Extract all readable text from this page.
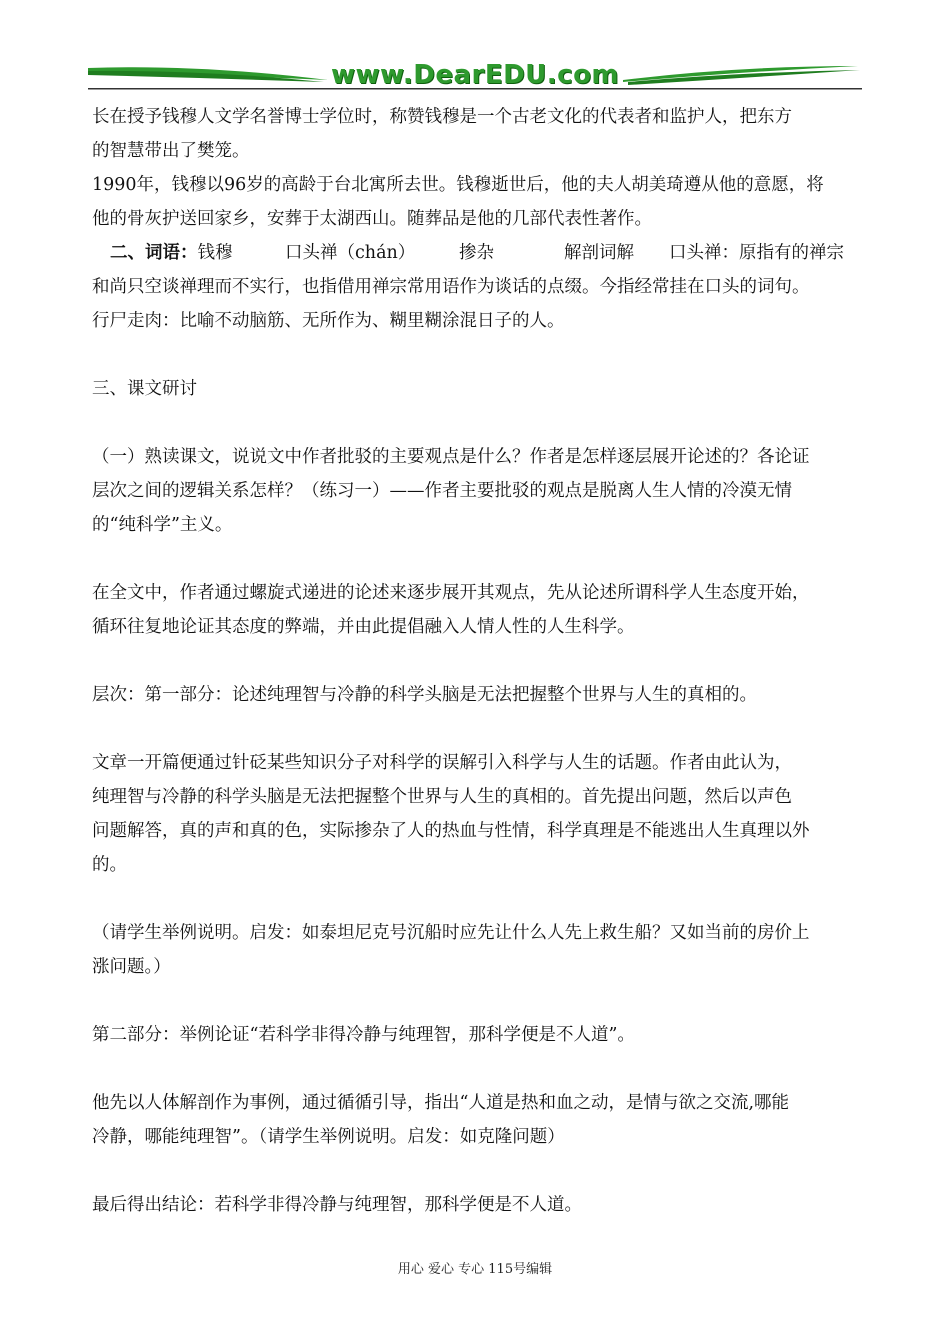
www.DearEDU.com
长在授予钱穆人文学名誉博士学位时，称赞钱穆是一个古老文化的代表者和监护人，把东方
的智慧带出了樊笼。
1990年，钱穆以96岁的高龄于台北寓所去世。钱穆逝世后，他的夫人胡美琦遵从他的意愿，将
他的骨灰护送回家乡，安葬于太湖西山。随葬品是他的几部代表性著作。
二、词语：钱穆　　　口头禅（chán）　　　掺杂　　　　解剖词解　　口头禅：原指有的禅宗
和尚只空谈禅理而不实行，也指借用禅宗常用语作为谈话的点缀。今指经常挂在口头的词句。
行尸走肉：比喻不动脑筋、无所作为、糊里糊涂混日子的人。
三、课文研讨
（一）熟读课文，说说文中作者批驳的主要观点是什么？作者是怎样逐层展开论述的？各论证
层次之间的逻辑关系怎样？（练习一）——作者主要批驳的观点是脱离人生人情的冷漠无情
的“纯科学”主义。
在全文中，作者通过螺旋式递进的论述来逐步展开其观点，先从论述所谓科学人生态度开始，
循环往复地论证其态度的弊端，并由此提倡融入人情人性的人生科学。
层次：第一部分：论述纯理智与冷静的科学头脑是无法把握整个世界与人生的真相的。
文章一开篇便通过针砭某些知识分子对科学的误解引入科学与人生的话题。作者由此认为，
纯理智与冷静的科学头脑是无法把握整个世界与人生的真相的。首先提出问题，然后以声色
问题解答，真的声和真的色，实际掺杂了人的热血与性情，科学真理是不能逃出人生真理以外
的。
（请学生举例说明。启发：如泰坦尼克号沉船时应先让什么人先上救生船？又如当前的房价上
涨问题。）
第二部分：举例论证“若科学非得冷静与纯理智，那科学便是不人道”。
他先以人体解剖作为事例，通过循循引导，指出“人道是热和血之动，是情与欲之交流,哪能
冷静，哪能纯理智”。（请学生举例说明。启发：如克隆问题）
最后得出结论：若科学非得冷静与纯理智，那科学便是不人道。
用心 爱心 专心 115号编辑
